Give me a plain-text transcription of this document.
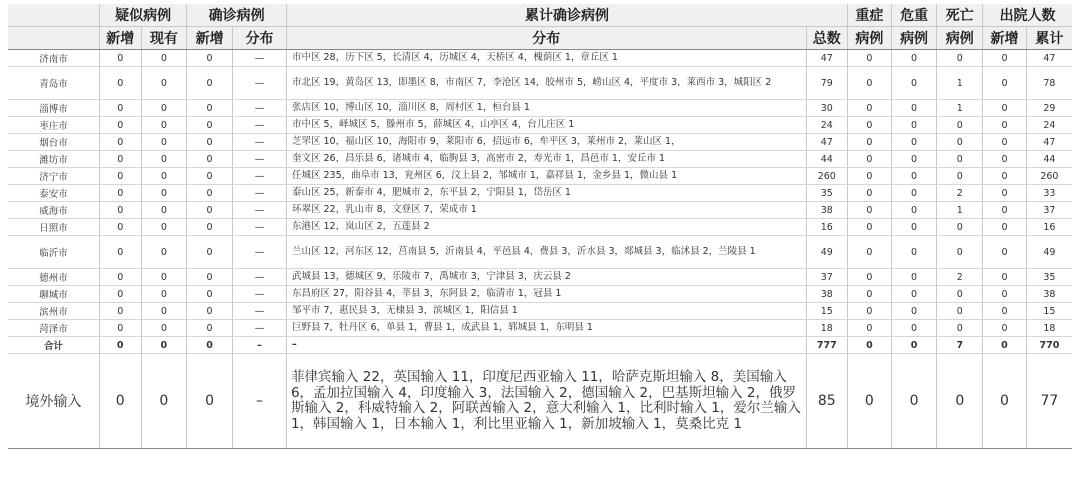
	疑似病例		确诊病例		累计确诊病例		重症	危重	死亡	出院人数	
	新增	现有	新增	分布	分布	总数	病例	病例	病例	新增	累计
济南市	0	0	0	—	市中区 28，历下区 5，长清区 4，历城区 4，天桥区 4，槐荫区 1，章丘区 1	47	0	0	0	0	47
青岛市	0	0	0	—	市北区 19，黄岛区 13，即墨区 8，市南区 7，李沧区 14，胶州市 5，崂山区 4，平度市 3，莱西市 3，城阳区 2	79	0	0	1	0	78
淄博市	0	0	0	—	张店区 10，博山区 10，淄川区 8，周村区 1，桓台县 1	30	0	0	1	0	29
枣庄市	0	0	0	—	市中区 5，峄城区 5，滕州市 5，薛城区 4，山亭区 4，台儿庄区 1	24	0	0	0	0	24
烟台市	0	0	0	—	芝罘区 10，福山区 10，海阳市 9，莱阳市 6，招远市 6，牟平区 3，莱州市 2，莱山区 1，	47	0	0	0	0	47
潍坊市	0	0	0	—	奎文区 26，昌乐县 6，诸城市 4，临朐县 3，高密市 2，寿光市 1，昌邑市 1，安丘市 1	44	0	0	0	0	44
济宁市	0	0	0	—	任城区 235，曲阜市 13，兖州区 6，汶上县 2，邹城市 1，嘉祥县 1，金乡县 1，微山县 1	260	0	0	0	0	260
泰安市	0	0	0	—	泰山区 25，新泰市 4，肥城市 2，东平县 2，宁阳县 1，岱岳区 1	35	0	0	2	0	33
威海市	0	0	0	—	环翠区 22，乳山市 8，文登区 7，荣成市 1	38	0	0	1	0	37
日照市	0	0	0	—	东港区 12，岚山区 2，五莲县 2	16	0	0	0	0	16
临沂市	0	0	0	—	兰山区 12，河东区 12，莒南县 5，沂南县 4，平邑县 4，费县 3，沂水县 3，郯城县 3，临沭县 2，兰陵县 1	49	0	0	0	0	49
德州市	0	0	0	—	武城县 13，德城区 9，乐陵市 7，禹城市 3，宁津县 3，庆云县 2	37	0	0	2	0	35
聊城市	0	0	0	—	东昌府区 27，阳谷县 4，莘县 3，东阿县 2，临清市 1，冠县 1	38	0	0	0	0	38
滨州市	0	0	0	—	邹平市 7，惠民县 3，无棣县 3，滨城区 1，阳信县 1	15	0	0	0	0	15
菏泽市	0	0	0	—	巨野县 7，牡丹区 6，单县 1，曹县 1，成武县 1，郓城县 1，东明县 1	18	0	0	0	0	18
合计	0	0	0	–	–	777	0	0	7	0	770
境外输入	0	0	0	–	菲律宾输入 22，英国输入 11，印度尼西亚输入 11，哈萨克斯坦输入 8，美国输入 6，孟加拉国输入 4，印度输入 3，法国输入 2，德国输入 2，巴基斯坦输入 2，俄罗斯输入 2，科威特输入 2，阿联酋输入 2，意大利输入 1，比利时输入 1，爱尔兰输入 1，韩国输入 1，日本输入 1，利比里亚输入 1，新加坡输入 1，莫桑比克 1	85	0	0	0	0	77
